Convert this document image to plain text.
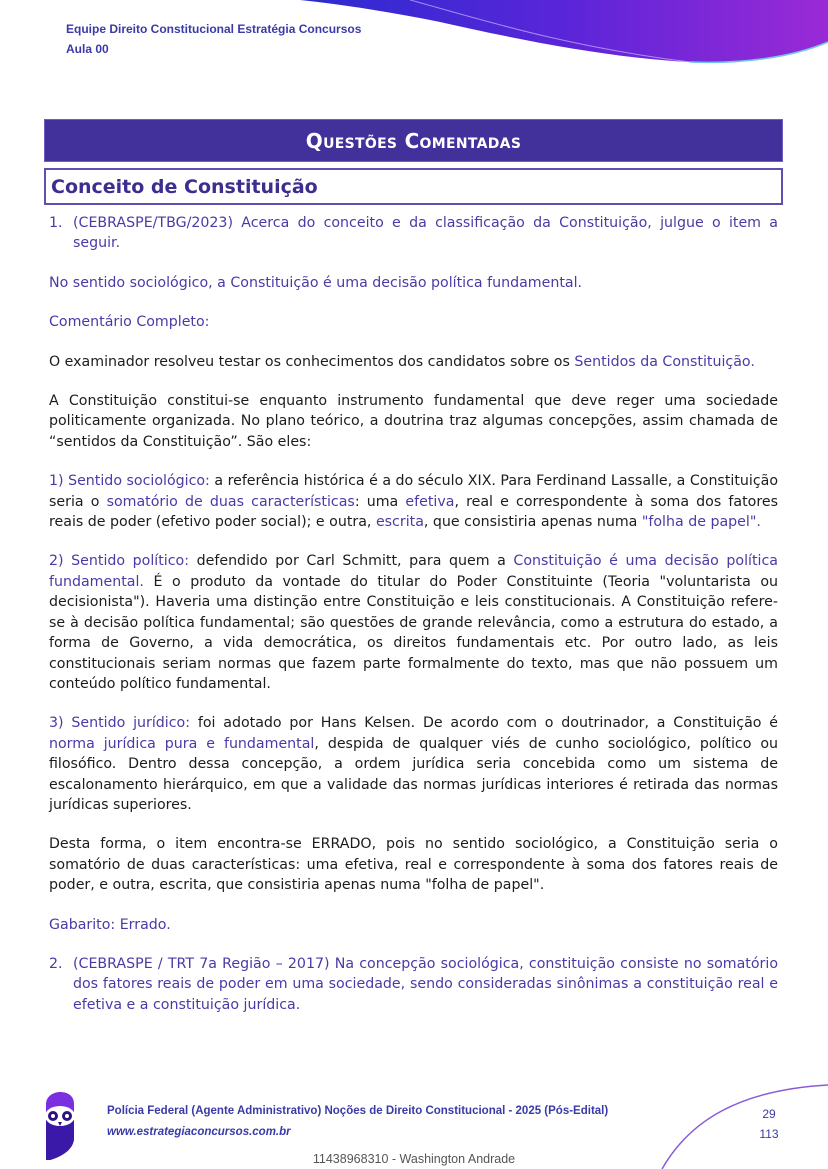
Equipe Direito Constitucional Estratégia Concursos
Aula 00
Questões Comentadas
Conceito de Constituição
1. (CEBRASPE/TBG/2023) Acerca do conceito e da classificação da Constituição, julgue o item a seguir.

No sentido sociológico, a Constituição é uma decisão política fundamental.

Comentário Completo:

O examinador resolveu testar os conhecimentos dos candidatos sobre os Sentidos da Constituição.

A Constituição constitui-se enquanto instrumento fundamental que deve reger uma sociedade politicamente organizada. No plano teórico, a doutrina traz algumas concepções, assim chamada de “sentidos da Constituição”. São eles:

1) Sentido sociológico: a referência histórica é a do século XIX. Para Ferdinand Lassalle, a Constituição seria o somatório de duas características: uma efetiva, real e correspondente à soma dos fatores reais de poder (efetivo poder social); e outra, escrita, que consistiria apenas numa "folha de papel".

2) Sentido político: defendido por Carl Schmitt, para quem a Constituição é uma decisão política fundamental. É o produto da vontade do titular do Poder Constituinte (Teoria "voluntarista ou decisionista"). Haveria uma distinção entre Constituição e leis constitucionais. A Constituição refere-se à decisão política fundamental; são questões de grande relevância, como a estrutura do estado, a forma de Governo, a vida democrática, os direitos fundamentais etc. Por outro lado, as leis constitucionais seriam normas que fazem parte formalmente do texto, mas que não possuem um conteúdo político fundamental.

3) Sentido jurídico: foi adotado por Hans Kelsen. De acordo com o doutrinador, a Constituição é norma jurídica pura e fundamental, despida de qualquer viés de cunho sociológico, político ou filosófico. Dentro dessa concepção, a ordem jurídica seria concebida como um sistema de escalonamento hierárquico, em que a validade das normas jurídicas interiores é retirada das normas jurídicas superiores.

Desta forma, o item encontra-se ERRADO, pois no sentido sociológico, a Constituição seria o somatório de duas características: uma efetiva, real e correspondente à soma dos fatores reais de poder, e outra, escrita, que consistiria apenas numa "folha de papel".

Gabarito: Errado.

2. (CEBRASPE / TRT 7a Região – 2017) Na concepção sociológica, constituição consiste no somatório dos fatores reais de poder em uma sociedade, sendo consideradas sinônimas a constituição real e efetiva e a constituição jurídica.
Polícia Federal (Agente Administrativo) Noções de Direito Constitucional - 2025 (Pós-Edital)
www.estrategiaconcursos.com.br
29
113
11438968310 - Washington Andrade
